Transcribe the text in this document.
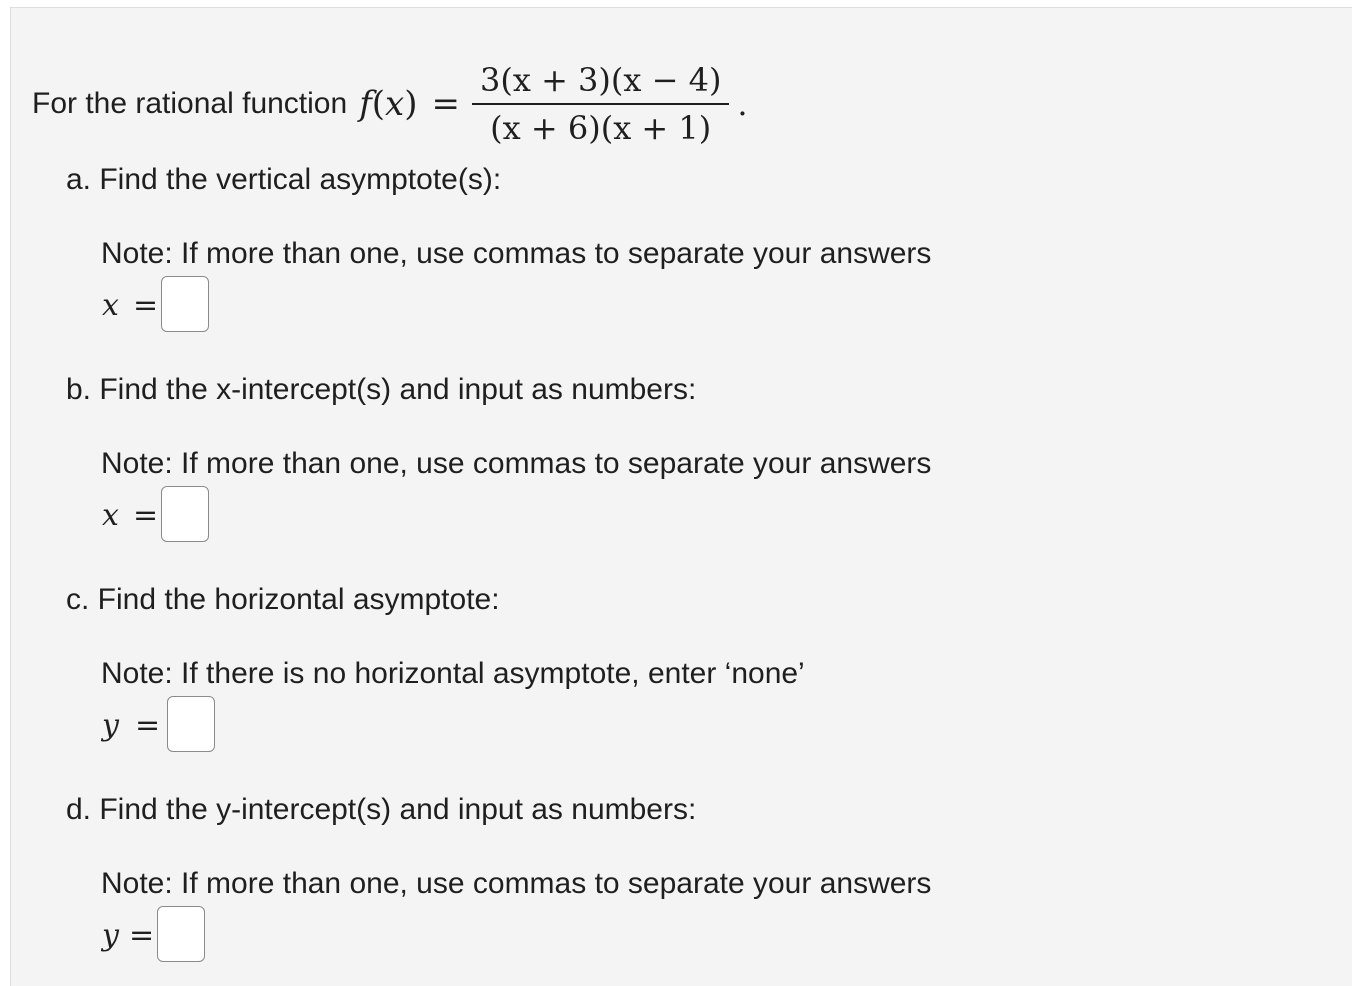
For the rational function $f(x) = \frac{3(x + 3)(x - 4)}{(x + 6)(x + 1)}$ .
a. Find the vertical asymptote(s):
Note: If more than one, use commas to separate your answers
x =
b. Find the x-intercept(s) and input as numbers:
Note: If more than one, use commas to separate your answers
x =
c. Find the horizontal asymptote:
Note: If there is no horizontal asymptote, enter ‘none’
y =
d. Find the y-intercept(s) and input as numbers:
Note: If more than one, use commas to separate your answers
y =
